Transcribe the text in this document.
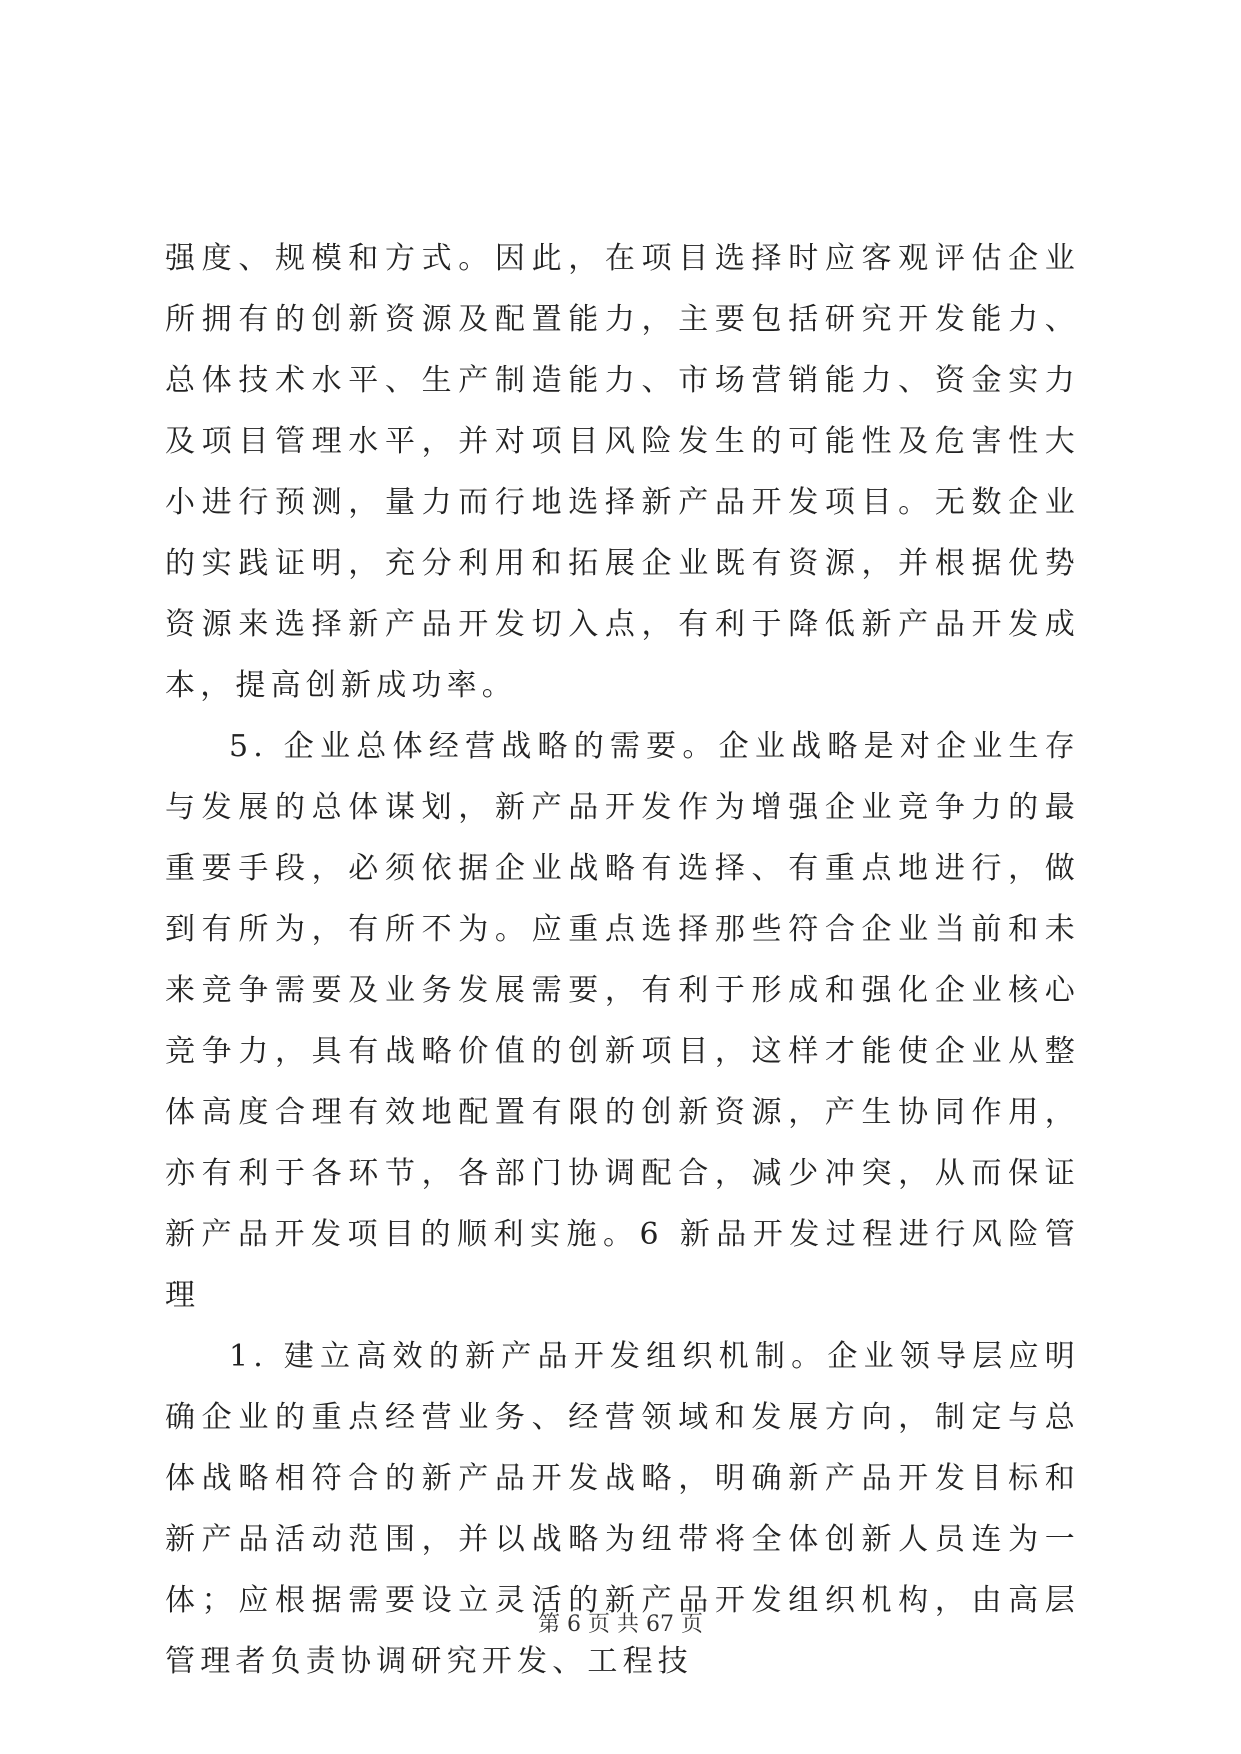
强度、规模和方式。因此，在项目选择时应客观评估企业所拥有的创新资源及配置能力，主要包括研究开发能力、总体技术水平、生产制造能力、市场营销能力、资金实力及项目管理水平，并对项目风险发生的可能性及危害性大小进行预测，量力而行地选择新产品开发项目。无数企业的实践证明，充分利用和拓展企业既有资源，并根据优势资源来选择新产品开发切入点，有利于降低新产品开发成本，提高创新成功率。

5. 企业总体经营战略的需要。企业战略是对企业生存与发展的总体谋划，新产品开发作为增强企业竞争力的最重要手段，必须依据企业战略有选择、有重点地进行，做到有所为，有所不为。应重点选择那些符合企业当前和未来竞争需要及业务发展需要，有利于形成和强化企业核心竞争力，具有战略价值的创新项目，这样才能使企业从整体高度合理有效地配置有限的创新资源，产生协同作用，亦有利于各环节，各部门协调配合，减少冲突，从而保证新产品开发项目的顺利实施。6 新品开发过程进行风险管理

1. 建立高效的新产品开发组织机制。企业领导层应明确企业的重点经营业务、经营领域和发展方向，制定与总体战略相符合的新产品开发战略，明确新产品开发目标和新产品活动范围，并以战略为纽带将全体创新人员连为一体；应根据需要设立灵活的新产品开发组织机构，由高层管理者负责协调研究开发、工程技

第 6 页 共 67 页
